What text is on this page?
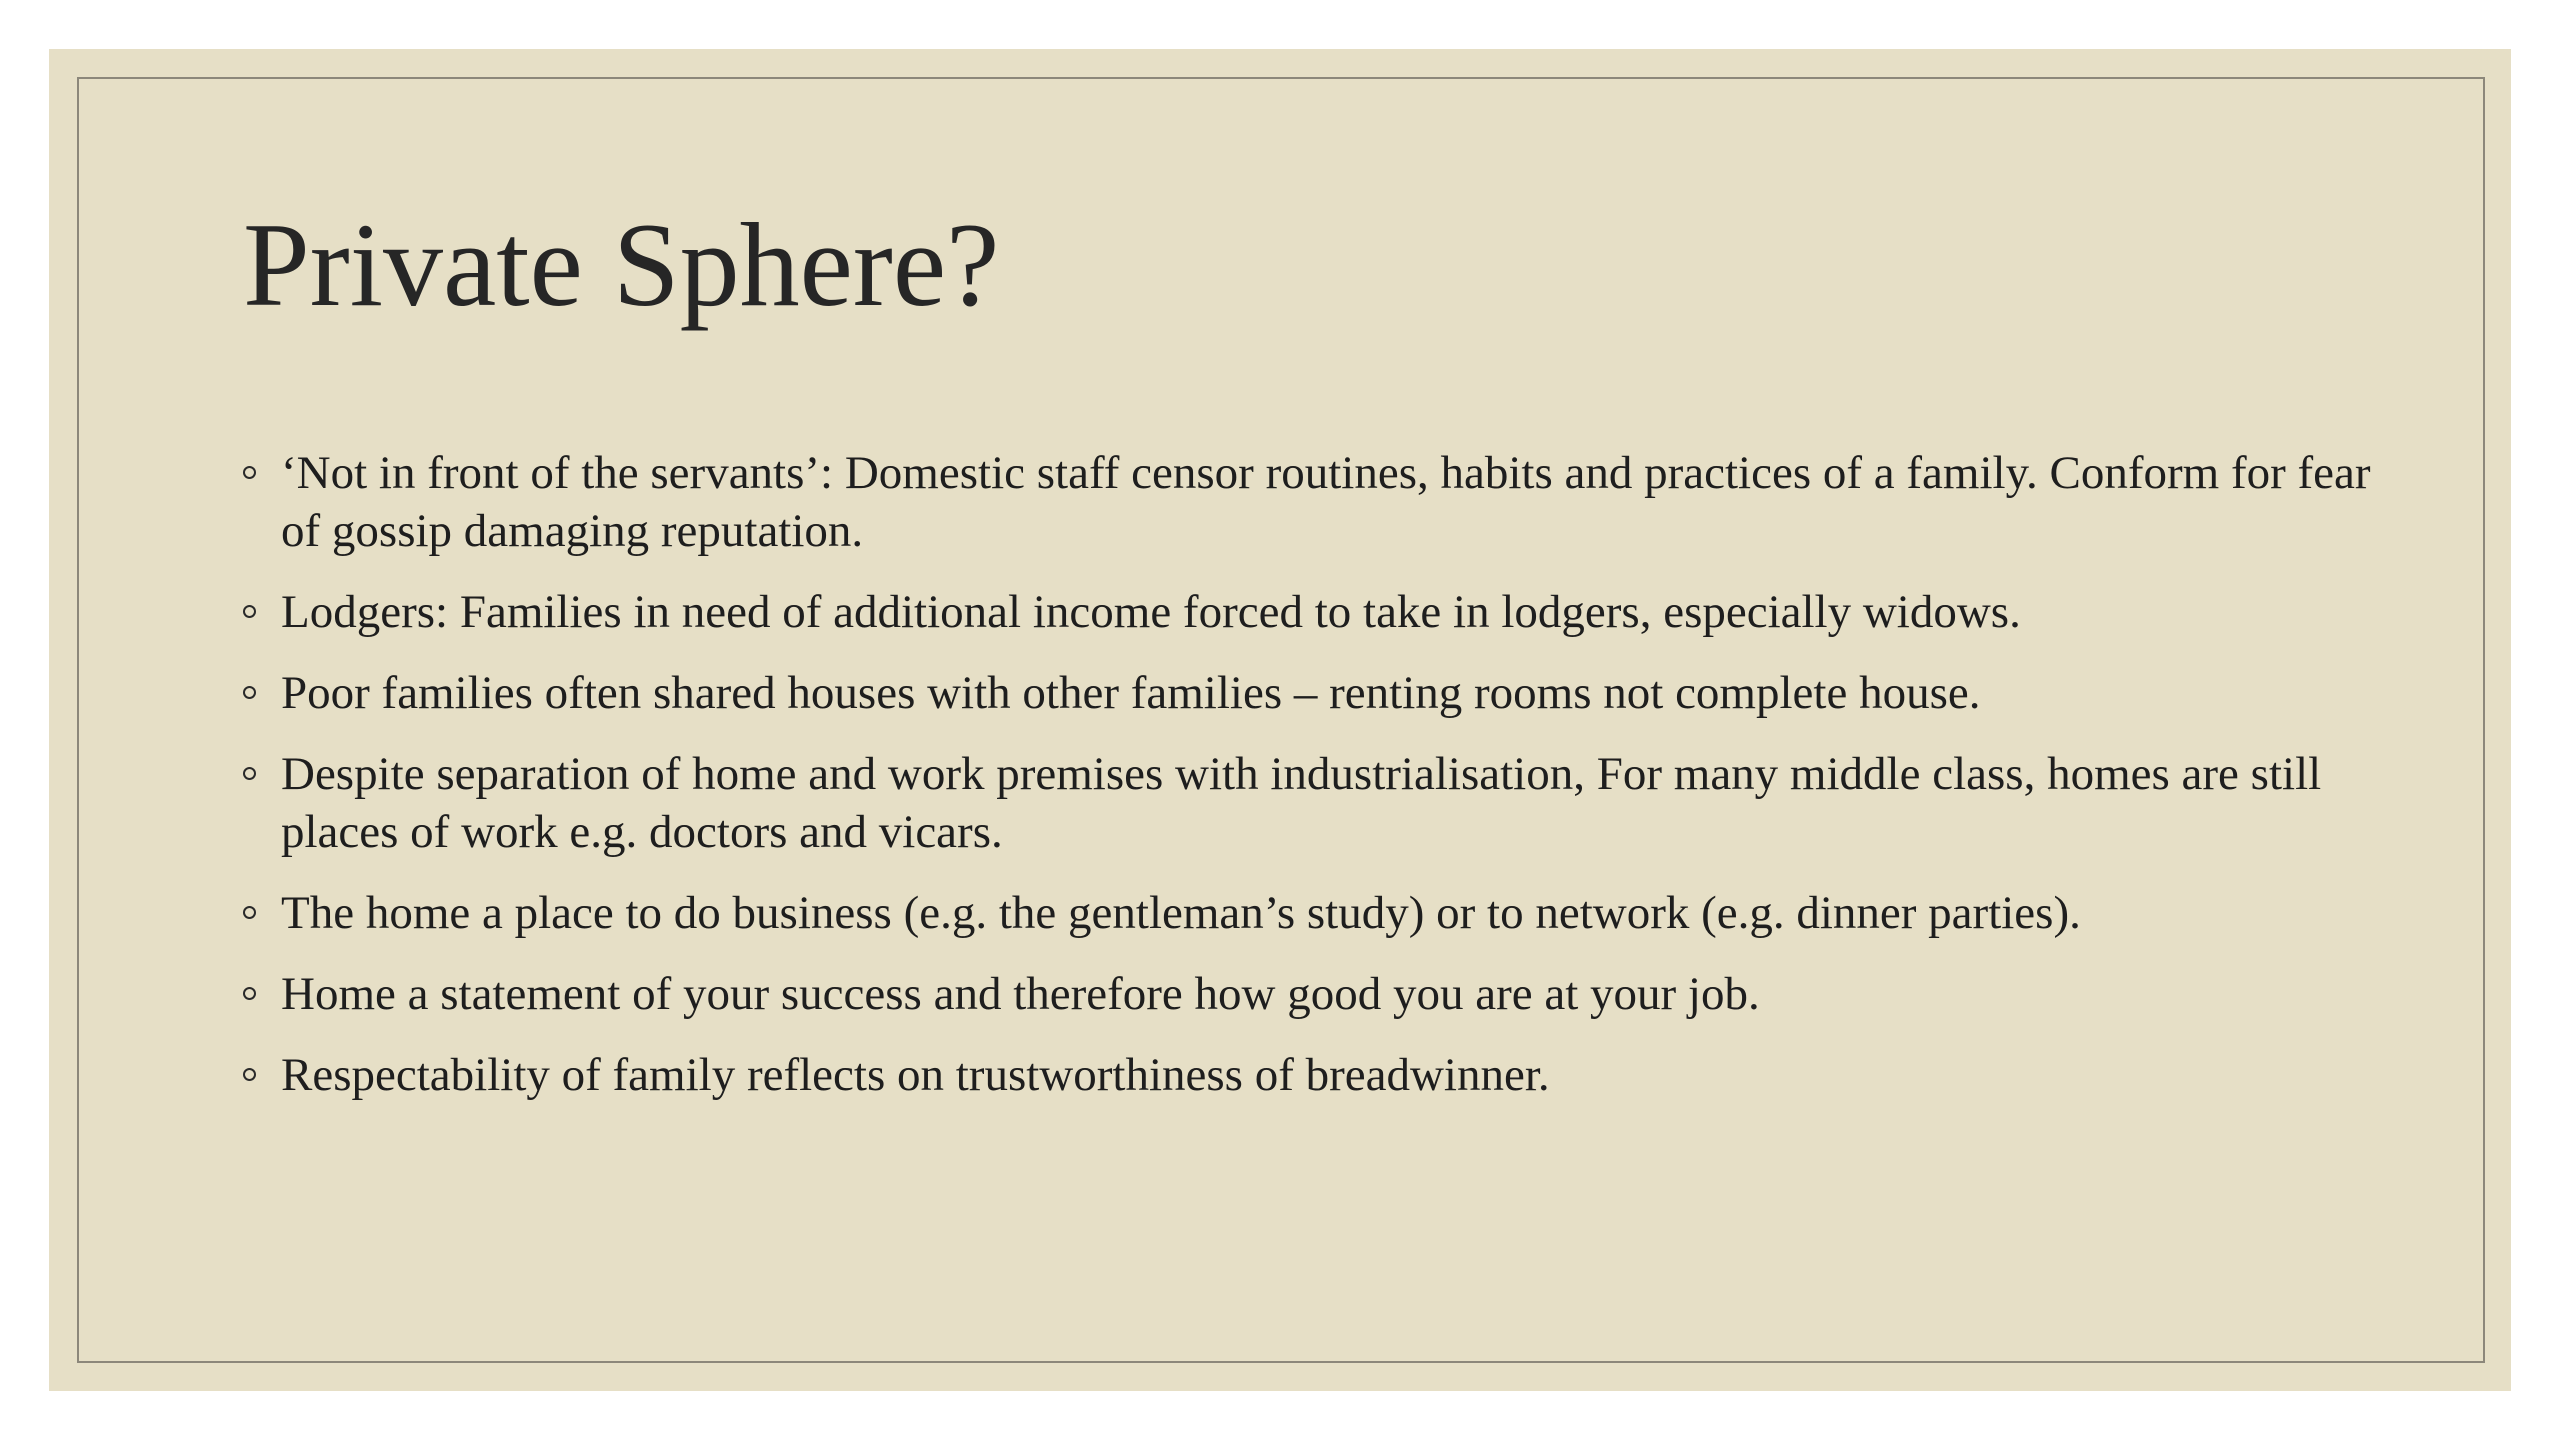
Private Sphere?
‘Not in front of the servants’: Domestic staff censor routines, habits and practices of a family. Conform for fear of gossip damaging reputation.
Lodgers: Families in need of additional income forced to take in lodgers, especially widows.
Poor families often shared houses with other families – renting rooms not complete house.
Despite separation of home and work premises with industrialisation, For many middle class, homes are still places of work e.g. doctors and vicars.
The home a place to do business (e.g. the gentleman’s study) or to network (e.g. dinner parties).
Home a statement of your success and therefore how good you are at your job.
Respectability of family reflects on trustworthiness of breadwinner.
